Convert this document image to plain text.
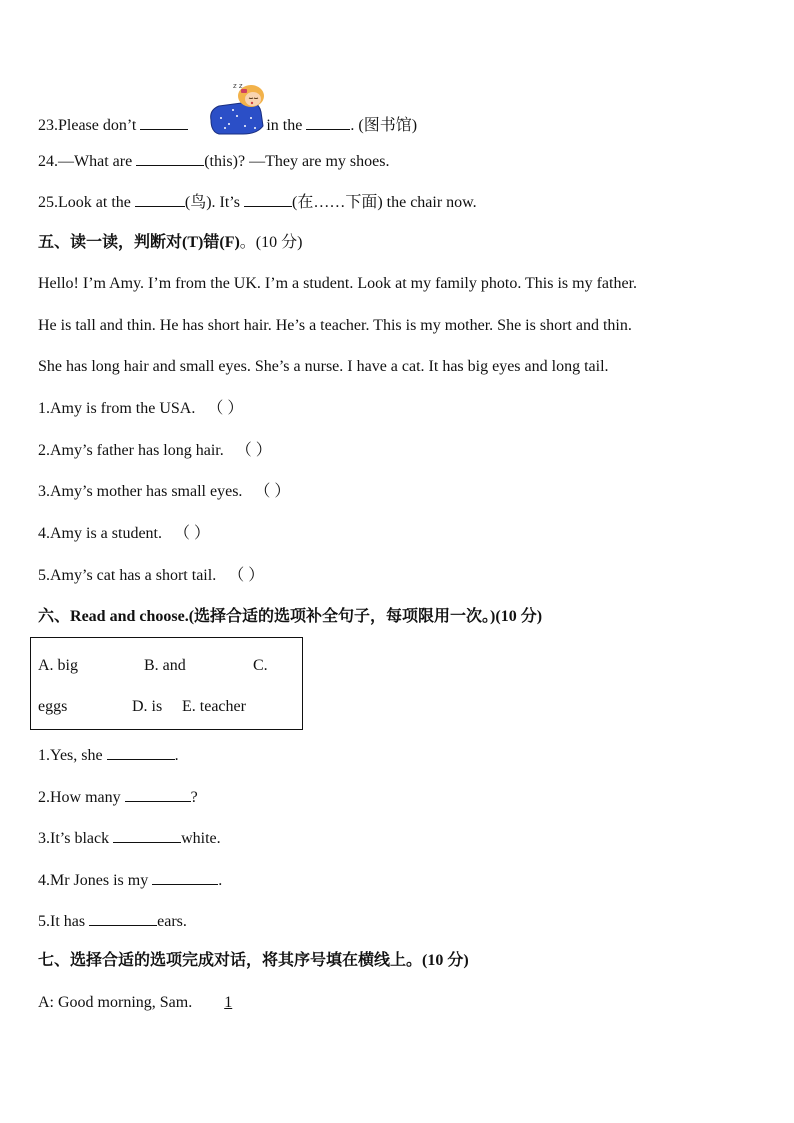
23.Please don’t	in the	. (图书馆)
z z
24.—What are	(this)? —They are my shoes.
25.Look at the	(鸟). It’s	(在……下面) the chair now.
五、读一读，判断对(T)错(F)。(10 分)
Hello! I’m Amy. I’m from the UK. I’m a student. Look at my family photo. This is my father.
He is tall and thin. He has short hair. He’s a teacher. This is my mother. She is short and thin.
She has long hair and small eyes. She’s a nurse. I have a cat. It has big eyes and long tail.
1.Amy is from the USA. （ ）
2.Amy’s father has long hair. （ ）
3.Amy’s mother has small eyes. （ ）
4.Amy is a student. （ ）
5.Amy’s cat has a short tail. （ ）
六、Read and choose.(选择合适的选项补全句子，每项限用一次。)(10 分)
A. big	B. and	C.
eggs	D. is E. teacher
1.Yes, she	.
2.How many	?
3.It’s black	white.
4.Mr Jones is my	.
5.It has	ears.
七、选择合适的选项完成对话，将其序号填在横线上。(10 分)
A: Good morning, Sam. 1
